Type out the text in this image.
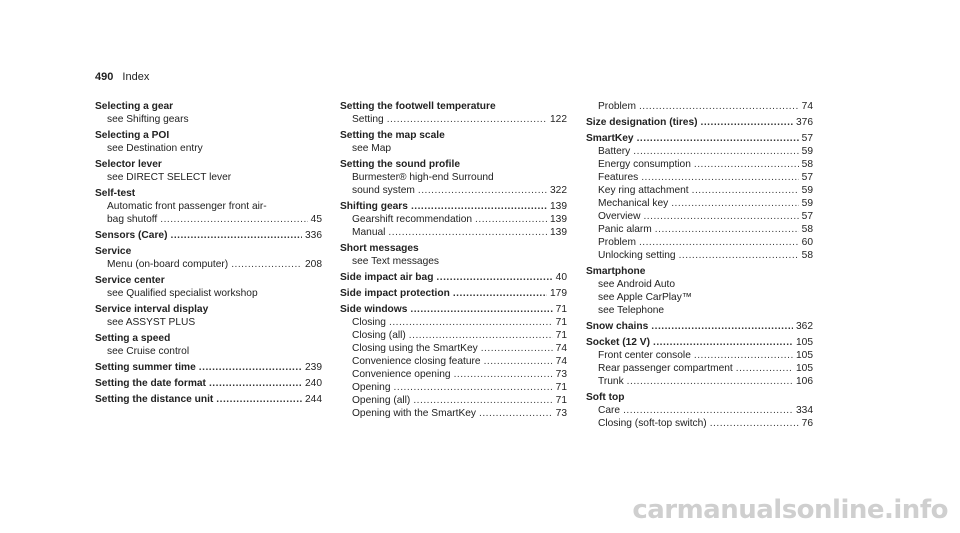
490 Index
Selecting a gear
see Shifting gears
Selecting a POI
see Destination entry
Selector lever
see DIRECT SELECT lever
Self-test
Automatic front passenger front air-
bag shutoff .....	45
Sensors (Care) .....	336
Service
Menu (on-board computer) .....	208
Service center
see Qualified specialist workshop
Service interval display
see ASSYST PLUS
Setting a speed
see Cruise control
Setting summer time .....	239
Setting the date format .....	240
Setting the distance unit .....	244
Setting the footwell temperature
Setting .....	122
Setting the map scale
see Map
Setting the sound profile
Burmester® high-end Surround
sound system .....	322
Shifting gears .....	139
Gearshift recommendation .....	139
Manual .....	139
Short messages
see Text messages
Side impact air bag .....	40
Side impact protection .....	179
Side windows .....	71
Closing .....	71
Closing (all) .....	71
Closing using the SmartKey .....	74
Convenience closing feature .....	74
Convenience opening .....	73
Opening .....	71
Opening (all) .....	71
Opening with the SmartKey .....	73
Problem .....	74
Size designation (tires) .....	376
SmartKey .....	57
Battery .....	59
Energy consumption .....	58
Features .....	57
Key ring attachment .....	59
Mechanical key .....	59
Overview .....	57
Panic alarm .....	58
Problem .....	60
Unlocking setting .....	58
Smartphone
see Android Auto
see Apple CarPlay™
see Telephone
Snow chains .....	362
Socket (12 V) .....	105
Front center console .....	105
Rear passenger compartment .....	105
Trunk .....	106
Soft top
Care .....	334
Closing (soft-top switch) .....	76
carmanualsonline.info
